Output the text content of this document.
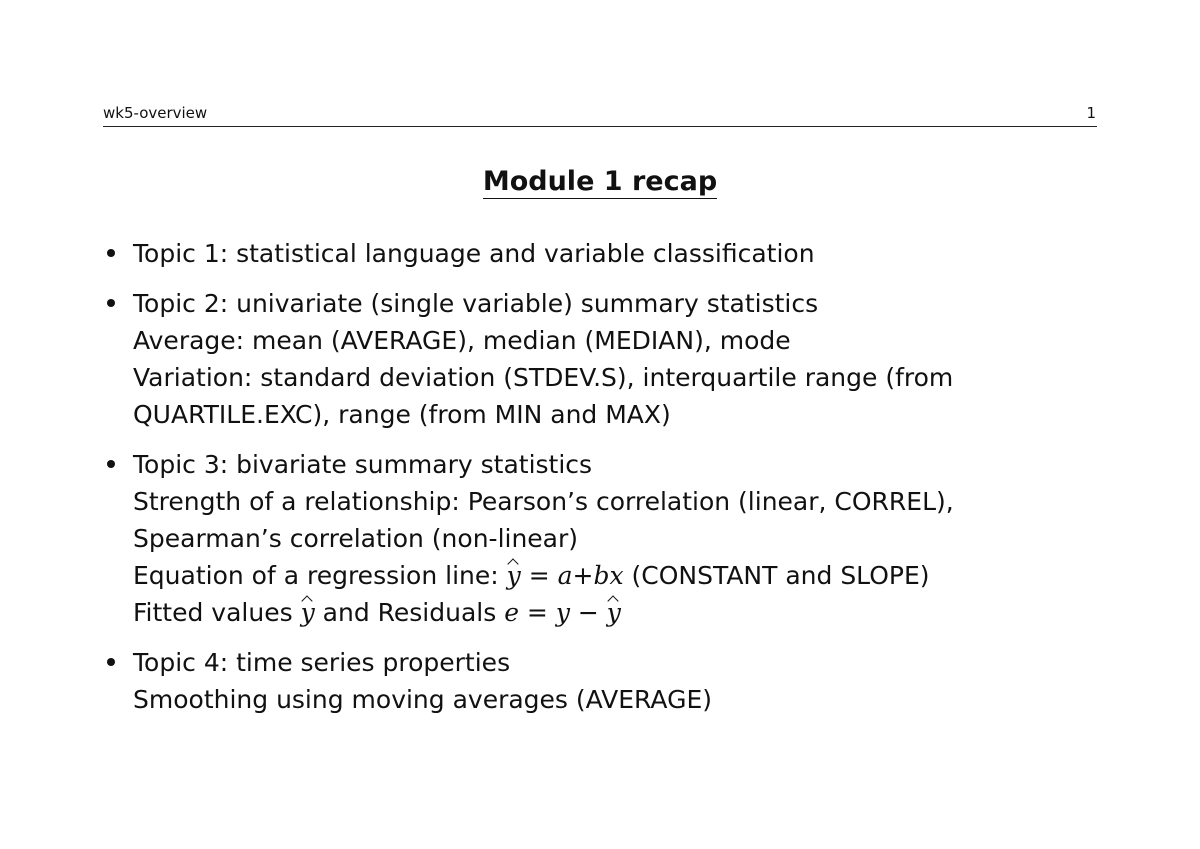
wk5-overview	1
Module 1 recap
Topic 1: statistical language and variable classification
Topic 2: univariate (single variable) summary statistics
Average: mean (AVERAGE), median (MEDIAN), mode
Variation: standard deviation (STDEV.S), interquartile range (from
QUARTILE.EXC), range (from MIN and MAX)
Topic 3: bivariate summary statistics
Strength of a relationship: Pearson’s correlation (linear, CORREL),
Spearman’s correlation (non-linear)
Equation of a regression line: y = a+bx (CONSTANT and SLOPE)
Fitted values y and Residuals e = y − y
Topic 4: time series properties
Smoothing using moving averages (AVERAGE)
